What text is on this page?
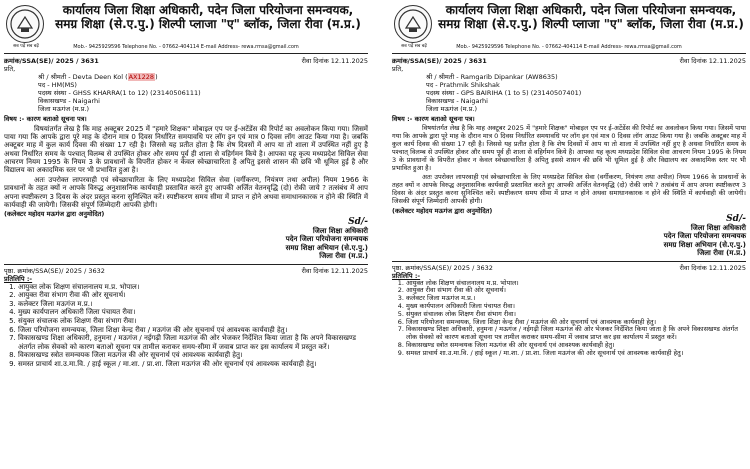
सब पढ़ें सब बढ़ें
कार्यालय जिला शिक्षा अधिकारी, पदेन जिला परियोजना समन्वयक,
समग्र शिक्षा (से.ए.पु.) शिल्पी प्लाजा "ए" ब्लॉक, जिला रीवा (म.प्र.)
Mob.- 9425929596 Telephone No. - 07662-404114 E-mail Address- rewa.rmsa@gmail.com
क्रमांक/SSA(SE)/ 2025 / 3631	रीवा दिनांक 12.11.2025
प्रति,
श्री / श्रीमती - Devta Deen Kol (AX1228)
पद - HM(MS)
पदस्थ संस्था - GHSS KHARRA(1 to 12) (23140506111)
विकासखण्ड - Naigarhi
जिला मऊगंज (म.प्र.)
विषय :- कारण बताओ सूचना पत्र।
विषयांतर्गत लेख है कि माह अक्टूबर 2025 में "हमारे शिक्षक" मोबाइल एप पर ई-अटेंडेंस की रिपोर्ट का अवलोकन किया गया। जिसमें पाया गया कि आपके द्वारा पूरे माह के दौरान मात्र 0 दिवस निर्धारित समयावधि पर लॉग इन एवं मात्र 0 दिवस लॉग आउट किया गया है। जबकि अक्टूबर माह में कुल कार्य दिवस की संख्या 17 रही है। जिससे यह प्रतीत होता है कि शेष दिवसों में आप या तो शाला में उपस्थित नहीं हुए है अथवा निर्धारित समय के पश्चात् विलम्ब से उपस्थित होकर और समय पूर्व ही शाला से वहिर्गमन किये है। आपका यह कृत्य मध्यप्रदेश सिविल सेवा आचरण नियम 1995 के नियम 3 के प्रावधानों के विपरीत होकर न केवल स्वेच्छाचारिता है अपितु इससे शासन की छवि भी धूमिल हुई है और विद्यालय का अकादमिक स्तर पर भी प्रभावित हुआ है।
अतः उपरोक्त लापरवाही एवं स्वेच्छाचारिता के लिए मध्यप्रदेश सिविल सेवा (वर्गीकरण, नियंत्रण तथा अपील) नियम 1966 के प्रावधानों के तहत क्यों न आपके विरुद्ध अनुशासनिक कार्यवाही प्रस्तावित करते हुए आपकी अर्जित वेतनवृद्धि (दो) रोकी जाये ? तत्संबंध में आप अपना स्पष्टीकरण 3 दिवस के अंदर प्रस्तुत करना सुनिश्चित करें। स्पष्टीकरण समय सीमा में प्राप्त न होने अथवा समाधानकारक न होने की स्थिति में कार्यवाही की जायेगी। जिसकी संपूर्ण जिम्मेदारी आपकी होगी।
(कलेक्टर महोदय मऊगंज द्वारा अनुमोदित)
Sd/-
जिला शिक्षा अधिकारी
पदेन जिला परियोजना समन्वयक
समग्र शिक्षा अभियान (से.ए.पु.)
जिला रीवा (म.प्र.)
पृष्ठा. क्रमांक/SSA(SE)/ 2025 / 3632	रीवा दिनांक 12.11.2025
प्रतिलिपि :-
1. आयुक्त लोक शिक्षण संचालनालय म.प्र. भोपाल।
2. आयुक्त रीवा संभाग रीवा की ओर सूचनार्थ।
3. कलेक्टर जिला मऊगंज म.प्र.।
4. मुख्य कार्यपालन अधिकारी जिला पंचायत रीवा।
5. संयुक्त संचालक लोक शिक्षण रीवा संभाग रीवा।
6. जिला परियोजना समन्वयक, जिला शिक्षा केन्द्र रीवा / मऊगंज की ओर सूचनार्थ एवं आवश्यक कार्यवाही हेतु।
7. विकासखण्ड शिक्षा अधिकारी, हनुमना / मऊगंज / नईगढ़ी जिला मऊगंज की ओर भेजकर निर्देशित किया जाता है कि अपने विकासखण्ड अंतर्गत लोक सेवको को कारण बताओ सूचना पत्र तामील कराकर समय-सीमा में जवाब प्राप्त कर इस कार्यालय में प्रस्तुत करें।
8. विकासखण्ड स्त्रोत समन्वयक जिला मऊगंज की ओर सूचनार्थ एवं आवश्यक कार्यवाही हेतु।
9. समस्त प्राचार्य शा.उ.मा.वि. / हाई स्कूल / मा.शा. / प्रा.शा. जिला मऊगंज की ओर सूचनार्थ एवं आवश्यक कार्यवाही हेतु।
सब पढ़ें सब बढ़ें
कार्यालय जिला शिक्षा अधिकारी, पदेन जिला परियोजना समन्वयक,
समग्र शिक्षा (से.ए.पु.) शिल्पी प्लाजा "ए" ब्लॉक, जिला रीवा (म.प्र.)
Mob.- 9425929596 Telephone No. - 07662-404114 E-mail Address- rewa.rmsa@gmail.com
क्रमांक/SSA(SE)/ 2025 / 3631	रीवा दिनांक 12.11.2025
प्रति,
श्री / श्रीमती - Ramgarib Dipankar (AW8635)
पद - Prathmik Shikshak
पदस्थ संस्था - GPS BAIRIHA (1 to 5) (23140507401)
विकासखण्ड - Naigarhi
जिला मऊगंज (म.प्र.)
विषय :- कारण बताओ सूचना पत्र।
विषयांतर्गत लेख है कि माह अक्टूबर 2025 में "हमारे शिक्षक" मोबाइल एप पर ई-अटेंडेंस की रिपोर्ट का अवलोकन किया गया। जिसमें पाया गया कि आपके द्वारा पूरे माह के दौरान मात्र 0 दिवस निर्धारित समयावधि पर लॉग इन एवं मात्र 0 दिवस लॉग आउट किया गया है। जबकि अक्टूबर माह में कुल कार्य दिवस की संख्या 17 रही है। जिससे यह प्रतीत होता है कि शेष दिवसों में आप या तो शाला में उपस्थित नहीं हुए है अथवा निर्धारित समय के पश्चात् विलम्ब से उपस्थित होकर और समय पूर्व ही शाला से वहिर्गमन किये है। आपका यह कृत्य मध्यप्रदेश सिविल सेवा आचरण नियम 1995 के नियम 3 के प्रावधानों के विपरीत होकर न केवल स्वेच्छाचारिता है अपितु इससे शासन की छवि भी धूमिल हुई है और विद्यालय का अकादमिक स्तर पर भी प्रभावित हुआ है।
अतः उपरोक्त लापरवाही एवं स्वेच्छाचारिता के लिए मध्यप्रदेश सिविल सेवा (वर्गीकरण, नियंत्रण तथा अपील) नियम 1966 के प्रावधानों के तहत क्यों न आपके विरुद्ध अनुशासनिक कार्यवाही प्रस्तावित करते हुए आपकी अर्जित वेतनवृद्धि (दो) रोकी जाये ? तत्संबंध में आप अपना स्पष्टीकरण 3 दिवस के अंदर प्रस्तुत करना सुनिश्चित करें। स्पष्टीकरण समय सीमा में प्राप्त न होने अथवा समाधानकारक न होने की स्थिति में कार्यवाही की जायेगी। जिसकी संपूर्ण जिम्मेदारी आपकी होगी।
(कलेक्टर महोदय मऊगंज द्वारा अनुमोदित)
Sd/-
जिला शिक्षा अधिकारी
पदेन जिला परियोजना समन्वयक
समग्र शिक्षा अभियान (से.ए.पु.)
जिला रीवा (म.प्र.)
पृष्ठा. क्रमांक/SSA(SE)/ 2025 / 3632	रीवा दिनांक 12.11.2025
प्रतिलिपि :-
1. आयुक्त लोक शिक्षण संचालनालय म.प्र. भोपाल।
2. आयुक्त रीवा संभाग रीवा की ओर सूचनार्थ।
3. कलेक्टर जिला मऊगंज म.प्र.।
4. मुख्य कार्यपालन अधिकारी जिला पंचायत रीवा।
5. संयुक्त संचालक लोक शिक्षण रीवा संभाग रीवा।
6. जिला परियोजना समन्वयक, जिला शिक्षा केन्द्र रीवा / मऊगंज की ओर सूचनार्थ एवं आवश्यक कार्यवाही हेतु।
7. विकासखण्ड शिक्षा अधिकारी, हनुमना / मऊगंज / नईगढ़ी जिला मऊगंज की ओर भेजकर निर्देशित किया जाता है कि अपने विकासखण्ड अंतर्गत लोक सेवको को कारण बताओ सूचना पत्र तामील कराकर समय-सीमा में जवाब प्राप्त कर इस कार्यालय में प्रस्तुत करें।
8. विकासखण्ड स्त्रोत समन्वयक जिला मऊगंज की ओर सूचनार्थ एवं आवश्यक कार्यवाही हेतु।
9. समस्त प्राचार्य शा.उ.मा.वि. / हाई स्कूल / मा.शा. / प्रा.शा. जिला मऊगंज की ओर सूचनार्थ एवं आवश्यक कार्यवाही हेतु।
